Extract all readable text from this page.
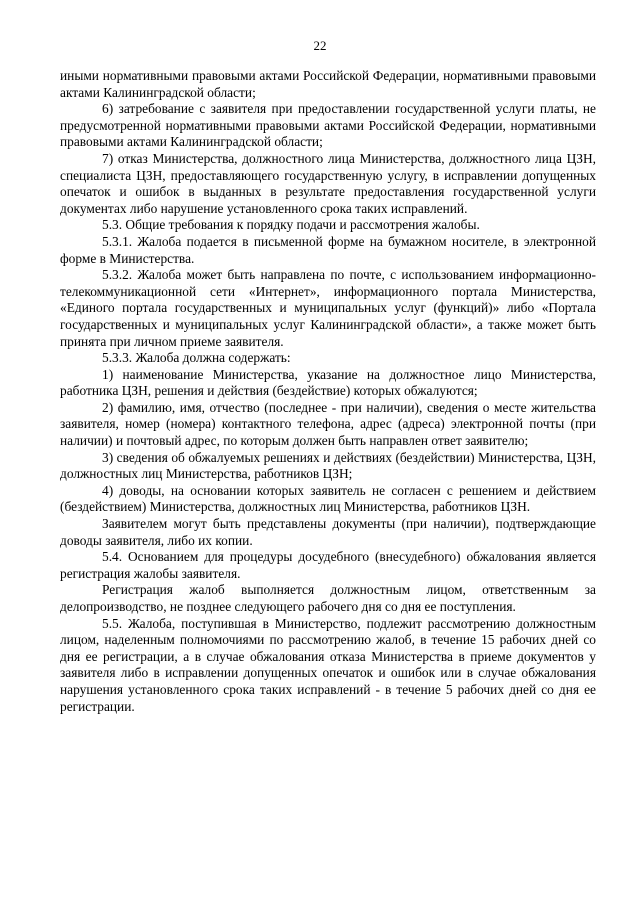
22

иными нормативными правовыми актами Российской Федерации, нормативными правовыми актами Калининградской области;

6) затребование с заявителя при предоставлении государственной услуги платы, не предусмотренной нормативными правовыми актами Российской Федерации, нормативными правовыми актами Калининградской области;

7) отказ Министерства, должностного лица Министерства, должностного лица ЦЗН, специалиста ЦЗН, предоставляющего государственную услугу, в исправлении допущенных опечаток и ошибок в выданных в результате предоставления государственной услуги документах либо нарушение установленного срока таких исправлений.

5.3. Общие требования к порядку подачи и рассмотрения жалобы.

5.3.1. Жалоба подается в письменной форме на бумажном носителе, в электронной форме в Министерства.

5.3.2. Жалоба может быть направлена по почте, с использованием информационно-телекоммуникационной сети «Интернет», информационного портала Министерства, «Единого портала государственных и муниципальных услуг (функций)» либо «Портала государственных и муниципальных услуг Калининградской области», а также может быть принята при личном приеме заявителя.

5.3.3. Жалоба должна содержать:

1) наименование Министерства, указание на должностное лицо Министерства, работника ЦЗН, решения и действия (бездействие) которых обжалуются;

2) фамилию, имя, отчество (последнее - при наличии), сведения о месте жительства заявителя, номер (номера) контактного телефона, адрес (адреса) электронной почты (при наличии) и почтовый адрес, по которым должен быть направлен ответ заявителю;

3) сведения об обжалуемых решениях и действиях (бездействии) Министерства, ЦЗН, должностных лиц Министерства, работников ЦЗН;

4) доводы, на основании которых заявитель не согласен с решением и действием (бездействием) Министерства, должностных лиц Министерства, работников ЦЗН.

Заявителем могут быть представлены документы (при наличии), подтверждающие доводы заявителя, либо их копии.

5.4. Основанием для процедуры досудебного (внесудебного) обжалования является регистрация жалобы заявителя.

Регистрация жалоб выполняется должностным лицом, ответственным за делопроизводство, не позднее следующего рабочего дня со дня ее поступления.

5.5. Жалоба, поступившая в Министерство, подлежит рассмотрению должностным лицом, наделенным полномочиями по рассмотрению жалоб, в течение 15 рабочих дней со дня ее регистрации, а в случае обжалования отказа Министерства в приеме документов у заявителя либо в исправлении допущенных опечаток и ошибок или в случае обжалования нарушения установленного срока таких исправлений - в течение 5 рабочих дней со дня ее регистрации.
